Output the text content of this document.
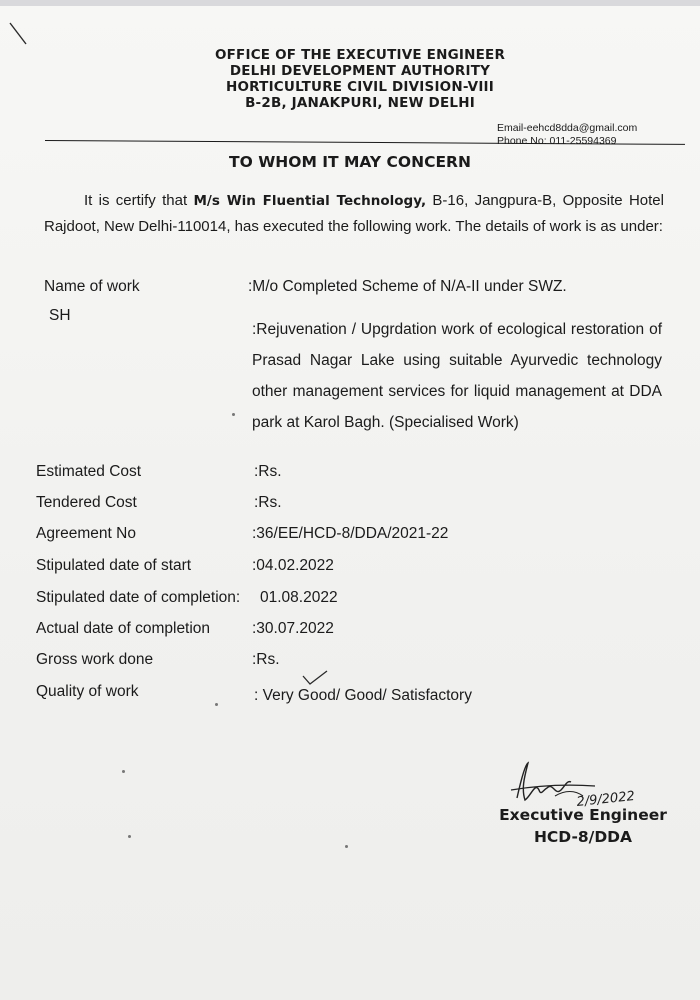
OFFICE OF THE EXECUTIVE ENGINEER
DELHI DEVELOPMENT AUTHORITY
HORTICULTURE CIVIL DIVISION-VIII
B-2B, JANAKPURI, NEW DELHI
Email-eehcd8dda@gmail.com
Phone No: 011-25594369
TO WHOM IT MAY CONCERN
It is certify that M/s Win Fluential Technology, B-16, Jangpura-B, Opposite Hotel Rajdoot, New Delhi-110014, has executed the following work. The details of work is as under:
Name of work	:M/o Completed Scheme of N/A-II under SWZ.
SH
:Rejuvenation / Upgrdation work of ecological restoration of Prasad Nagar Lake using suitable Ayurvedic technology other management services for liquid management at DDA park at Karol Bagh. (Specialised Work)
Estimated Cost	:Rs.
Tendered Cost	:Rs.
Agreement No	:36/EE/HCD-8/DDA/2021-22
Stipulated date of start	:04.02.2022
Stipulated date of completion: 01.08.2022
Actual date of completion	:30.07.2022
Gross work done	:Rs.
Quality of work	: Very Good/ Good/ Satisfactory
2/9/2022
Executive Engineer
HCD-8/DDA
